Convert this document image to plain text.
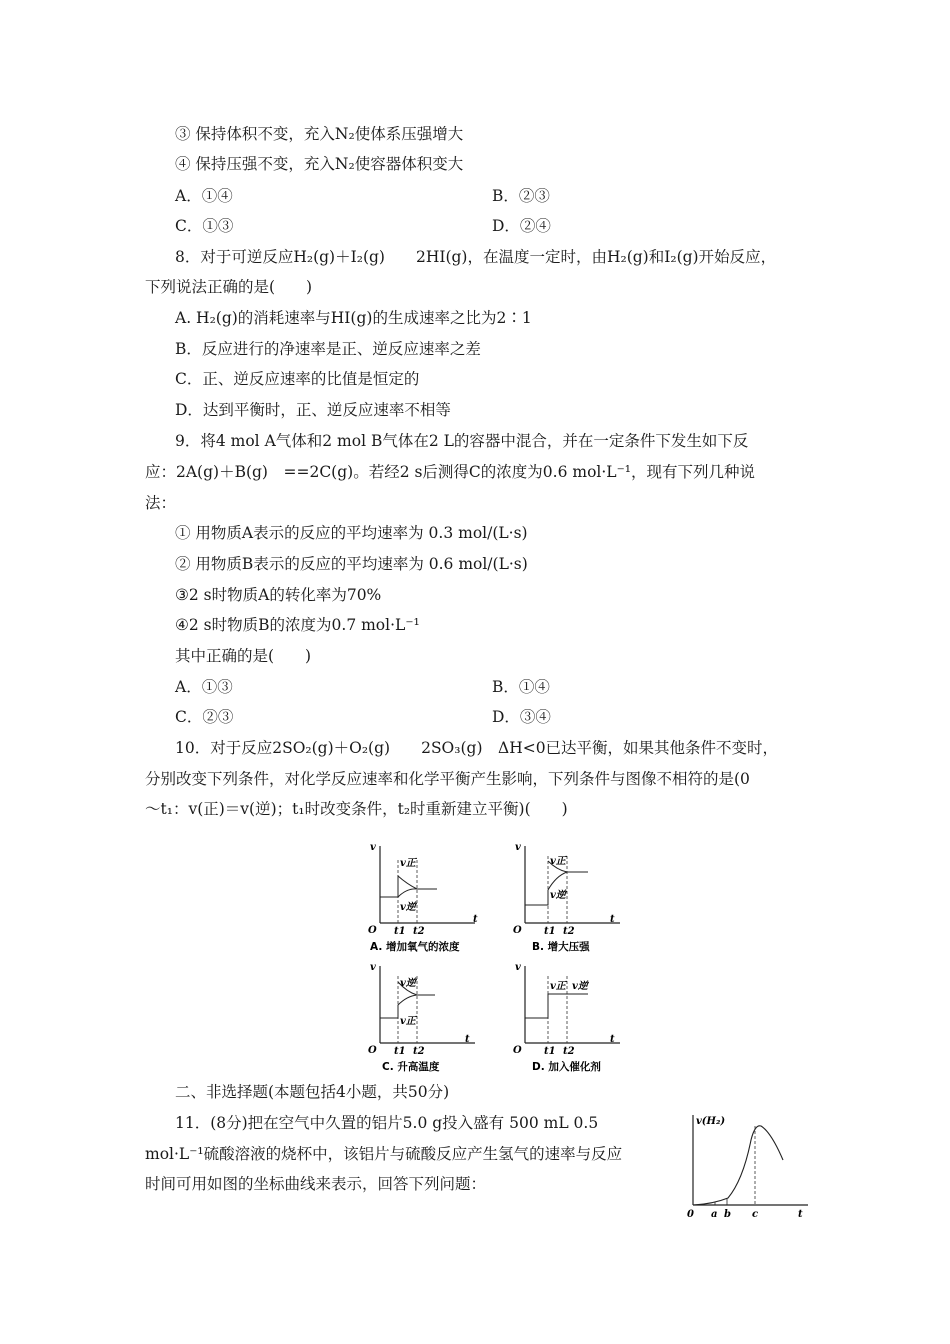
③ 保持体积不变，充入N₂使体系压强增大
④ 保持压强不变，充入N₂使容器体积变大
A．①④	B．②③
C．①③	D．②④
8．对于可逆反应H₂(g)＋I₂(g)　　2HI(g)，在温度一定时，由H₂(g)和I₂(g)开始反应，
下列说法正确的是(　　)
A. H₂(g)的消耗速率与HI(g)的生成速率之比为2∶1
B．反应进行的净速率是正、逆反应速率之差
C．正、逆反应速率的比值是恒定的
D．达到平衡时，正、逆反应速率不相等
9．将4 mol A气体和2 mol B气体在2 L的容器中混合，并在一定条件下发生如下反
应：2A(g)＋B(g)　==2C(g)。若经2 s后测得C的浓度为0.6 mol·L⁻¹，现有下列几种说
法：
① 用物质A表示的反应的平均速率为 0.3 mol/(L·s)
② 用物质B表示的反应的平均速率为 0.6 mol/(L·s)
③2 s时物质A的转化率为70%
④2 s时物质B的浓度为0.7 mol·L⁻¹
其中正确的是(　　)
A．①③	B．①④
C．②③	D．③④
10．对于反应2SO₂(g)＋O₂(g)　　2SO₃(g)　ΔH<0已达平衡，如果其他条件不变时，
分别改变下列条件，对化学反应速率和化学平衡产生影响，下列条件与图像不相符的是(0
～t₁：v(正)＝v(逆)；t₁时改变条件，t₂时重新建立平衡)(　　)
二、非选择题(本题包括4小题，共50分)
11．(8分)把在空气中久置的铝片5.0 g投入盛有 500 mL 0.5
mol·L⁻¹硫酸溶液的烧杯中，该铝片与硫酸反应产生氢气的速率与反应
时间可用如图的坐标曲线来表示，回答下列问题：
v
t
O
v正
v逆
t1 t2
A. 增加氧气的浓度
v
t
O
v正
v逆
t1 t2
B. 增大压强
v
t
O
v逆
v正
t1 t2
C. 升高温度
v
t
O
v正 v逆
t1 t2
D. 加入催化剂
v(H₂)
0 a b c	t
